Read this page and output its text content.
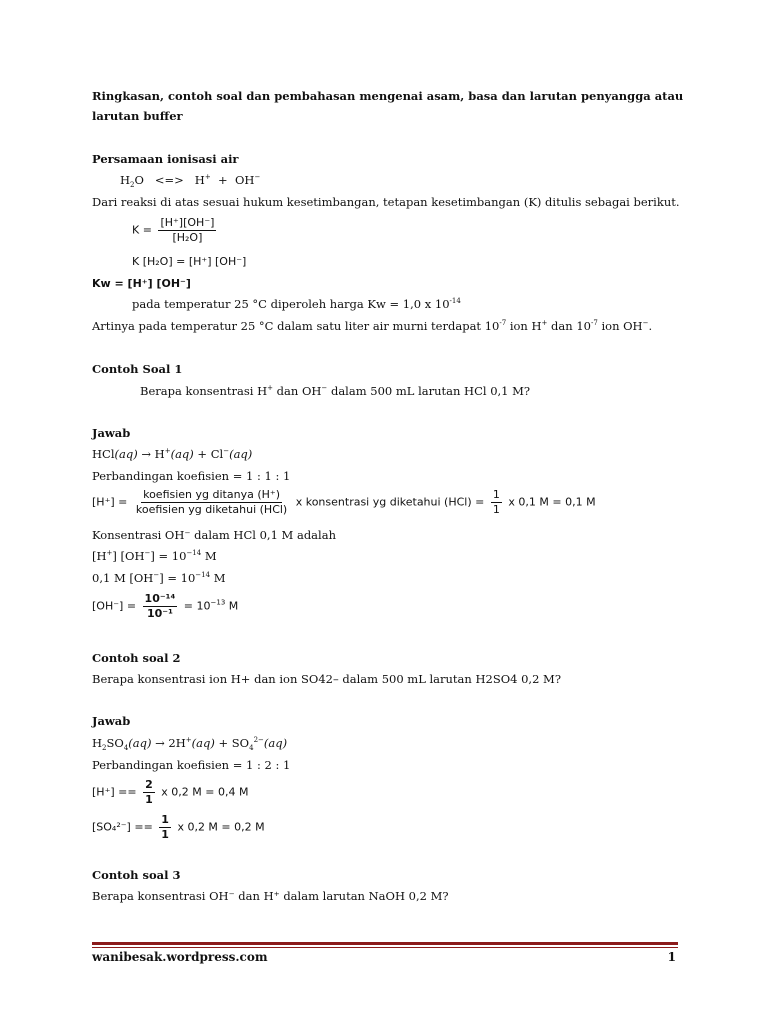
Ringkasan, contoh soal dan pembahasan mengenai asam, basa dan larutan penyangga atau
larutan buffer
Persamaan ionisasi air
$H_2O$ <=> H+ + OH−
Dari reaksi di atas sesuai hukum kesetimbangan, tetapan kesetimbangan (K) ditulis sebagai berikut.
$K = \frac{[H^+][OH^-]}{\text{[H₂O]}}$
K [H₂O] = [H⁺] [OH⁻]
Kw = [H⁺] [OH⁻]
pada temperatur 25 °C diperoleh harga Kw = 1,0 x $10^{-14}$
Artinya pada temperatur 25 °C dalam satu liter air murni terdapat $10^{-7}$ ion H+ dan $10^{-7}$ ion OH−.
Contoh Soal 1
Berapa konsentrasi H+ dan OH− dalam 500 mL larutan HCl 0,1 M?
Jawab
HCl(aq) → H+(aq) + Cl−(aq)
Perbandingan koefisien = 1 : 1 : 1
$[H^+] = \frac{\text{koefisien yg ditanya (H⁺)}}{\text{koefisien yg diketahui (HCl)}}$ x konsentrasi yg diketahui $(HCl) = \frac{1}{1}$ x 0,1 M = 0,1 M
Konsentrasi OH⁻ dalam HCl 0,1 M adalah
[H+] $[OH^-] = 10^{-14}$ M
0,1 M $[OH^-] = 10^{-14}$ M
$[OH^-] = \frac{\text{10⁻¹⁴}}{\text{10⁻¹}} = 10^{-13}$ M
Contoh soal 2
Berapa konsentrasi ion H+ dan ion SO42– dalam 500 mL larutan H2SO4 0,2 M?
Jawab
$H_2SO_4(aq) \to 2H^+(aq) + SO_4^{2-}(aq)$
Perbandingan koefisien = 1 : 2 : 1
$[H^+] == \frac{2}{1}$ x 0,2 M = 0,4 M
$[SO_4^{2-}] == \frac{1}{1}$ x 0,2 M = 0,2 M
Contoh soal 3
Berapa konsentrasi OH⁻ dan H⁺ dalam larutan NaOH 0,2 M?
wanibesak.wordpress.com	1
